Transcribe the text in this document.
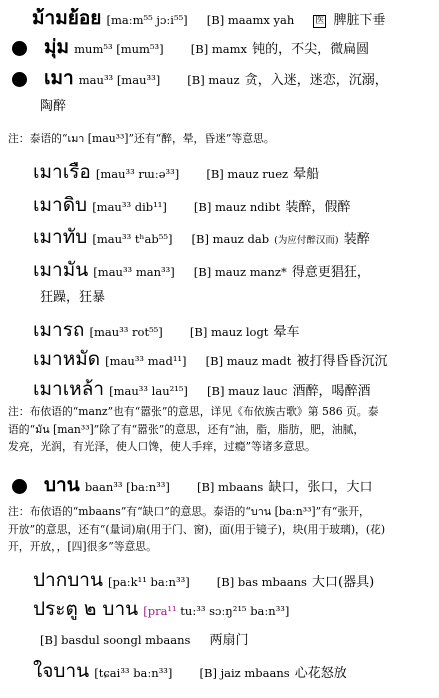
ม้ามย้อย [maːm⁵⁵ jɔːi⁵⁵] [B] maamx yah 医 脾脏下垂
มุ่ม mum⁵³ [mum⁵³] [B] mamx 钝的，不尖，微扁圆
เมา mau³³ [mau³³] [B] mauz 贪，入迷，迷恋，沉溺，
陶醉
注：泰语的“เมา [mau³³]”还有“醉，晕，昏迷”等意思。
เมาเรือ [mau³³ rɯːə³³] [B] mauz ruez 晕船
เมาดิบ [mau³³ dib¹¹] [B] mauz ndibt 装醉，假醉
เมาทับ [mau³³ tʰab⁵⁵] [B] mauz dab (为应付醉汉而) 装醉
เมามัน [mau³³ man³³] [B] mauz manz* 得意更猖狂，
狂躁，狂暴
เมารถ [mau³³ rot⁵⁵] [B] mauz logt 晕车
เมาหมัด [mau³³ mad¹¹] [B] mauz madt 被打得昏昏沉沉
เมาเหล้า [mau³³ lau²¹⁵] [B] mauz lauc 酒醉，喝醉酒
注：布依语的“manz”也有“嚣张”的意思，详见《布依族古歌》第 586 页。泰
语的“มัน [man³³]”除了有“嚣张”的意思，还有“油，脂，脂肪，肥，油腻，
发亮，光润，有光泽，使人口馋，使人手痒，过瘾”等诸多意思。
บาน baan³³ [baːn³³] [B] mbaans 缺口，张口，大口
注：布依语的“mbaans”有“缺口”的意思。泰语的“บาน [baːn³³]”有“张开，
开放”的意思，还有“(量词)扇(用于门、窗)，面(用于镜子)，块(用于玻璃)，(花)
开，开放，，[四]很多”等意思。
ปากบาน [paːk¹¹ baːn³³] [B] bas mbaans 大口(器具)
ประตู ๒ บาน [pra¹¹ tu:³³ sɔːŋ²¹⁵ baːn³³]
[B] basdul soongl mbaans 两扇门
ใจบาน [tɕai³³ baːn³³] [B] jaiz mbaans 心花怒放
